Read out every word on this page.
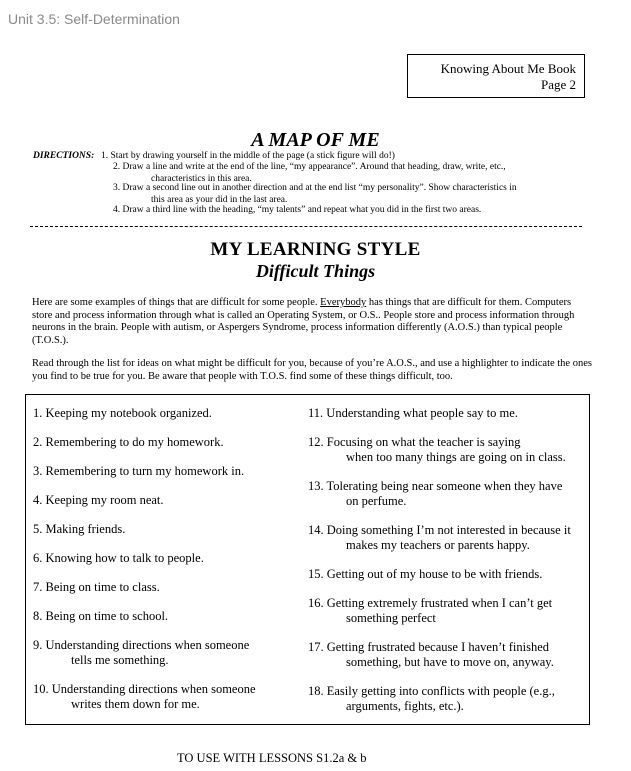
Unit 3.5: Self-Determination
Knowing About Me Book
Page 2
A MAP OF ME
DIRECTIONS: 1. Start by drawing yourself in the middle of the page (a stick figure will do!)
2. Draw a line and write at the end of the line, “my appearance”. Around that heading, draw, write, etc.,
characteristics in this area.
3. Draw a second line out in another direction and at the end list “my personality”. Show characteristics in
this area as your did in the last area.
4. Draw a third line with the heading, “my talents” and repeat what you did in the first two areas.
MY LEARNING STYLE
Difficult Things
Here are some examples of things that are difficult for some people. Everybody has things that are difficult for them. Computers store and process information through what is called an Operating System, or O.S.. People store and process information through neurons in the brain. People with autism, or Aspergers Syndrome, process information differently (A.O.S.) than typical people (T.O.S.).
Read through the list for ideas on what might be difficult for you, because of you’re A.O.S., and use a highlighter to indicate the ones you find to be true for you. Be aware that people with T.O.S. find some of these things difficult, too.
1. Keeping my notebook organized.
2. Remembering to do my homework.
3. Remembering to turn my homework in.
4. Keeping my room neat.
5. Making friends.
6. Knowing how to talk to people.
7. Being on time to class.
8. Being on time to school.
9. Understanding directions when someone
tells me something.
10. Understanding directions when someone
writes them down for me.
11. Understanding what people say to me.
12. Focusing on what the teacher is saying
when too many things are going on in class.
13. Tolerating being near someone when they have
on perfume.
14. Doing something I’m not interested in because it
makes my teachers or parents happy.
15. Getting out of my house to be with friends.
16. Getting extremely frustrated when I can’t get
something perfect
17. Getting frustrated because I haven’t finished
something, but have to move on, anyway.
18. Easily getting into conflicts with people (e.g.,
arguments, fights, etc.).
TO USE WITH LESSONS S1.2a & b
